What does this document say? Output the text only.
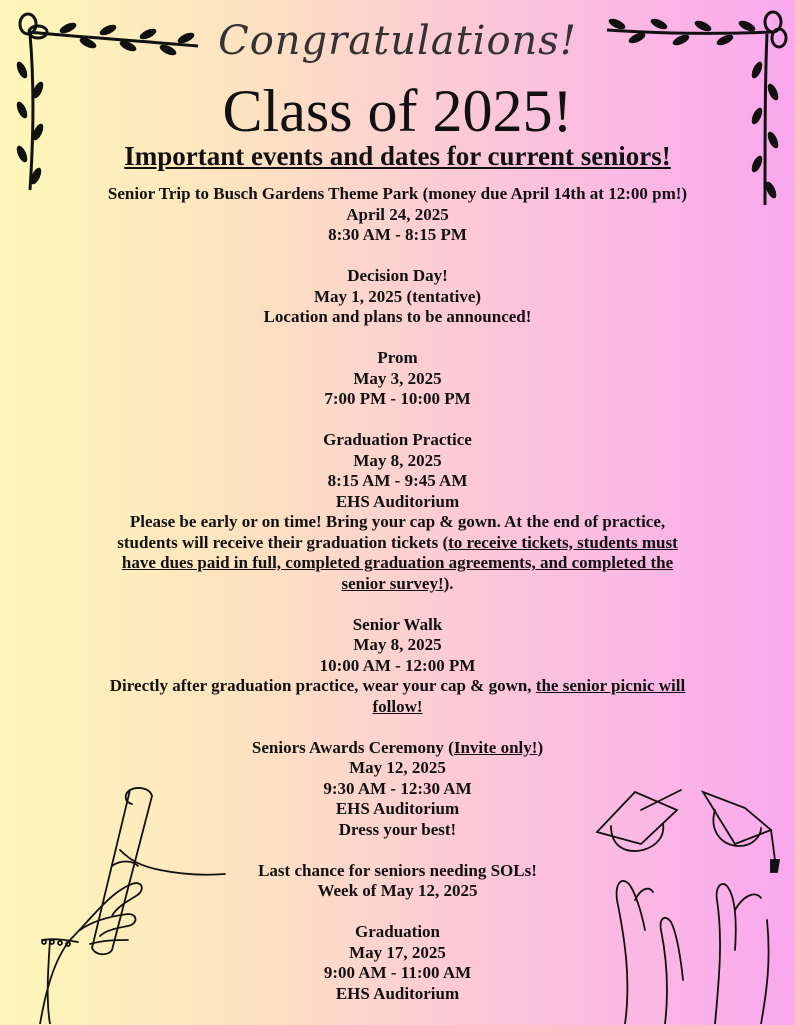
Congratulations!
Class of 2025!
Important events and dates for current seniors!
Senior Trip to Busch Gardens Theme Park (money due April 14th at 12:00 pm!)
April 24, 2025
8:30 AM - 8:15 PM
Decision Day!
May 1, 2025 (tentative)
Location and plans to be announced!
Prom
May 3, 2025
7:00 PM - 10:00 PM
Graduation Practice
May 8, 2025
8:15 AM - 9:45 AM
EHS Auditorium
Please be early or on time! Bring your cap & gown. At the end of practice,
students will receive their graduation tickets (to receive tickets, students must
have dues paid in full, completed graduation agreements, and completed the
senior survey!).
Senior Walk
May 8, 2025
10:00 AM - 12:00 PM
Directly after graduation practice, wear your cap & gown, the senior picnic will
follow!
Seniors Awards Ceremony (Invite only!)
May 12, 2025
9:30 AM - 12:30 AM
EHS Auditorium
Dress your best!
Last chance for seniors needing SOLs!
Week of May 12, 2025
Graduation
May 17, 2025
9:00 AM - 11:00 AM
EHS Auditorium
